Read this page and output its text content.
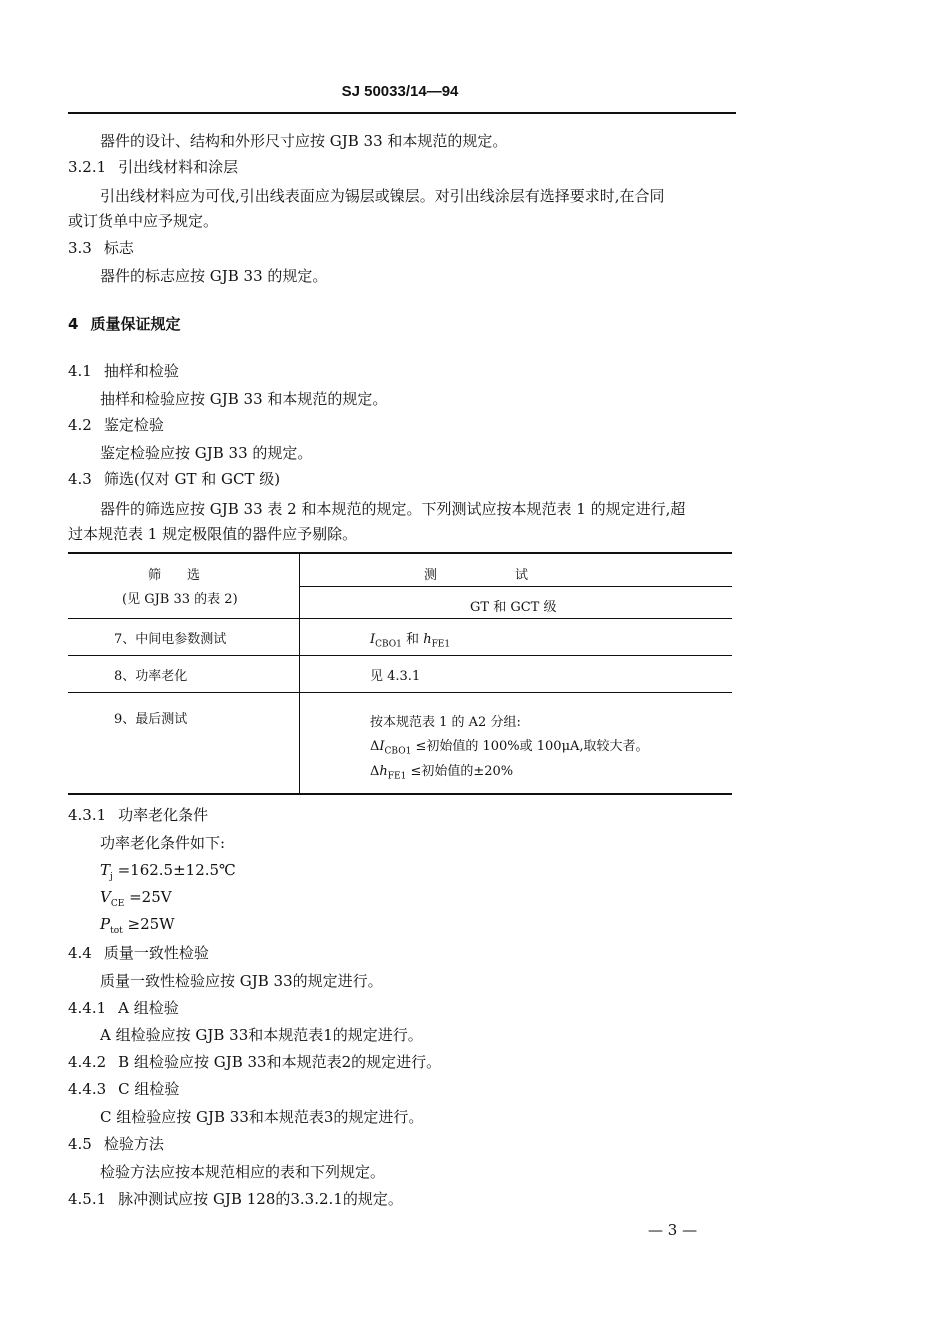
SJ 50033/14—94
器件的设计、结构和外形尺寸应按 GJB 33 和本规范的规定。
3.2.1 引出线材料和涂层
引出线材料应为可伐,引出线表面应为锡层或镍层。对引出线涂层有选择要求时,在合同
或订货单中应予规定。
3.3 标志
器件的标志应按 GJB 33 的规定。
4 质量保证规定
4.1 抽样和检验
抽样和检验应按 GJB 33 和本规范的规定。
4.2 鉴定检验
鉴定检验应按 GJB 33 的规定。
4.3 筛选(仅对 GT 和 GCT 级)
器件的筛选应按 GJB 33 表 2 和本规范的规定。下列测试应按本规范表 1 的规定进行,超
过本规范表 1 规定极限值的器件应予剔除。
筛　　选
(见 GJB 33 的表 2)
测　　　　　　试
GT 和 GCT 级
7、中间电参数测试	$I_{CBO1}$ 和 $h_{FE1}$
8、功率老化	见 4.3.1
9、最后测试	按本规范表 1 的 A2 分组:
$\Delta I_{CBO1}$ ≤初始值的 100%或 100μA,取较大者。
$\Delta h_{FE1}$ ≤初始值的±20%
4.3.1 功率老化条件
功率老化条件如下:
$T_j$ =162.5±12.5℃
$V_{CE} =25V$
$P_{tot} \ge 25W$
4.4 质量一致性检验
质量一致性检验应按 GJB 33的规定进行。
4.4.1 A 组检验
A 组检验应按 GJB 33和本规范表1的规定进行。
4.4.2 B 组检验应按 GJB 33和本规范表2的规定进行。
4.4.3 C 组检验
C 组检验应按 GJB 33和本规范表3的规定进行。
4.5 检验方法
检验方法应按本规范相应的表和下列规定。
4.5.1 脉冲测试应按 GJB 128的3.3.2.1的规定。
— 3 —
